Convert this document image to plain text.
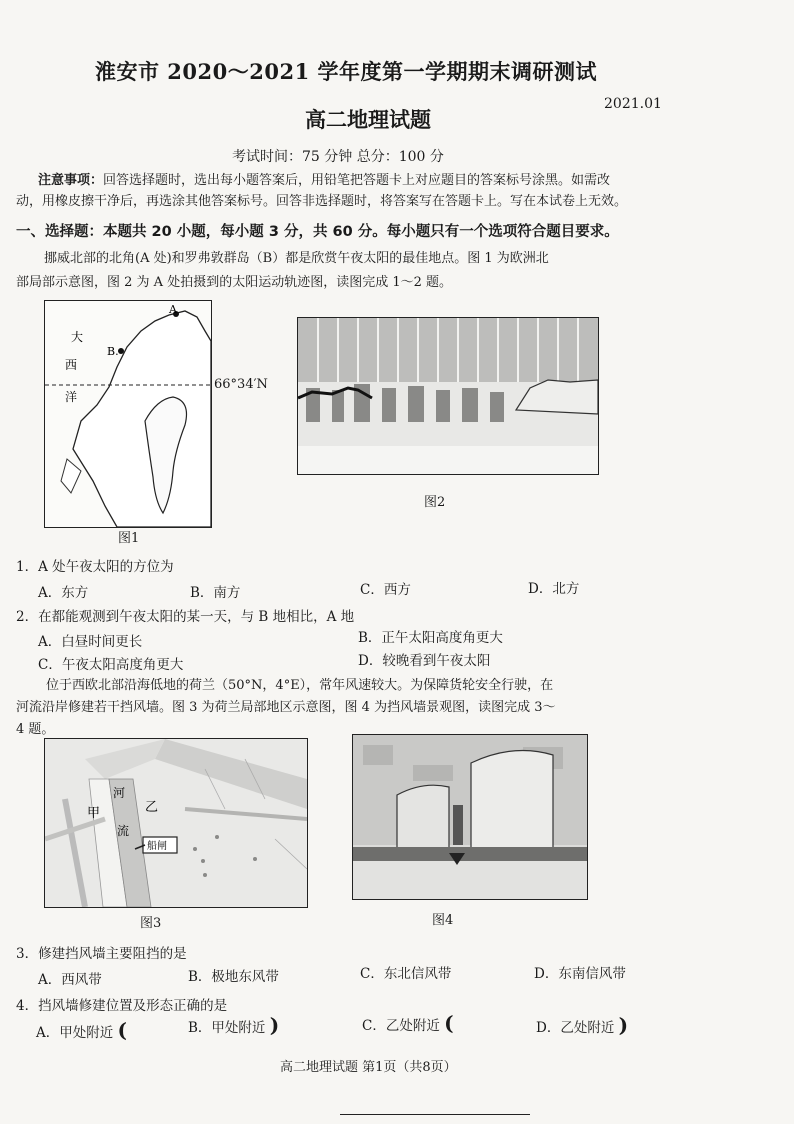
淮安市 2020～2021 学年度第一学期期末调研测试
2021.01
高二地理试题
考试时间：75 分钟 总分：100 分
注意事项：回答选择题时，选出每小题答案后，用铅笔把答题卡上对应题目的答案标号涂黑。如需改
动，用橡皮擦干净后，再选涂其他答案标号。回答非选择题时，将答案写在答题卡上。写在本试卷上无效。
一、选择题：本题共 20 小题，每小题 3 分，共 60 分。每小题只有一个选项符合题目要求。
挪威北部的北角(A 处)和罗弗敦群岛（B）都是欣赏午夜太阳的最佳地点。图 1 为欧洲北
部局部示意图，图 2 为 A 处拍摄到的太阳运动轨迹图，读图完成 1～2 题。
大
西
洋
A
B.
66°34′N
图1
图2
1．A 处午夜太阳的方位为
A．东方	B．南方	C．西方	D．北方
2．在都能观测到午夜太阳的某一天，与 B 地相比，A 地
A．白昼时间更长	B．正午太阳高度角更大
C．午夜太阳高度角更大	D．较晚看到午夜太阳
位于西欧北部沿海低地的荷兰（50°N，4°E），常年风速较大。为保障货轮安全行驶，在
河流沿岸修建若干挡风墙。图 3 为荷兰局部地区示意图，图 4 为挡风墙景观图，读图完成 3～
4 题。
甲	乙
河
流
船闸
图3	图4
3．修建挡风墙主要阻挡的是
A．西风带	B．极地东风带	C．东北信风带	D．东南信风带
4．挡风墙修建位置及形态正确的是
A．甲处附近 (	B．甲处附近 )	C．乙处附近 (	D．乙处附近 )
高二地理试题 第1页（共8页）
